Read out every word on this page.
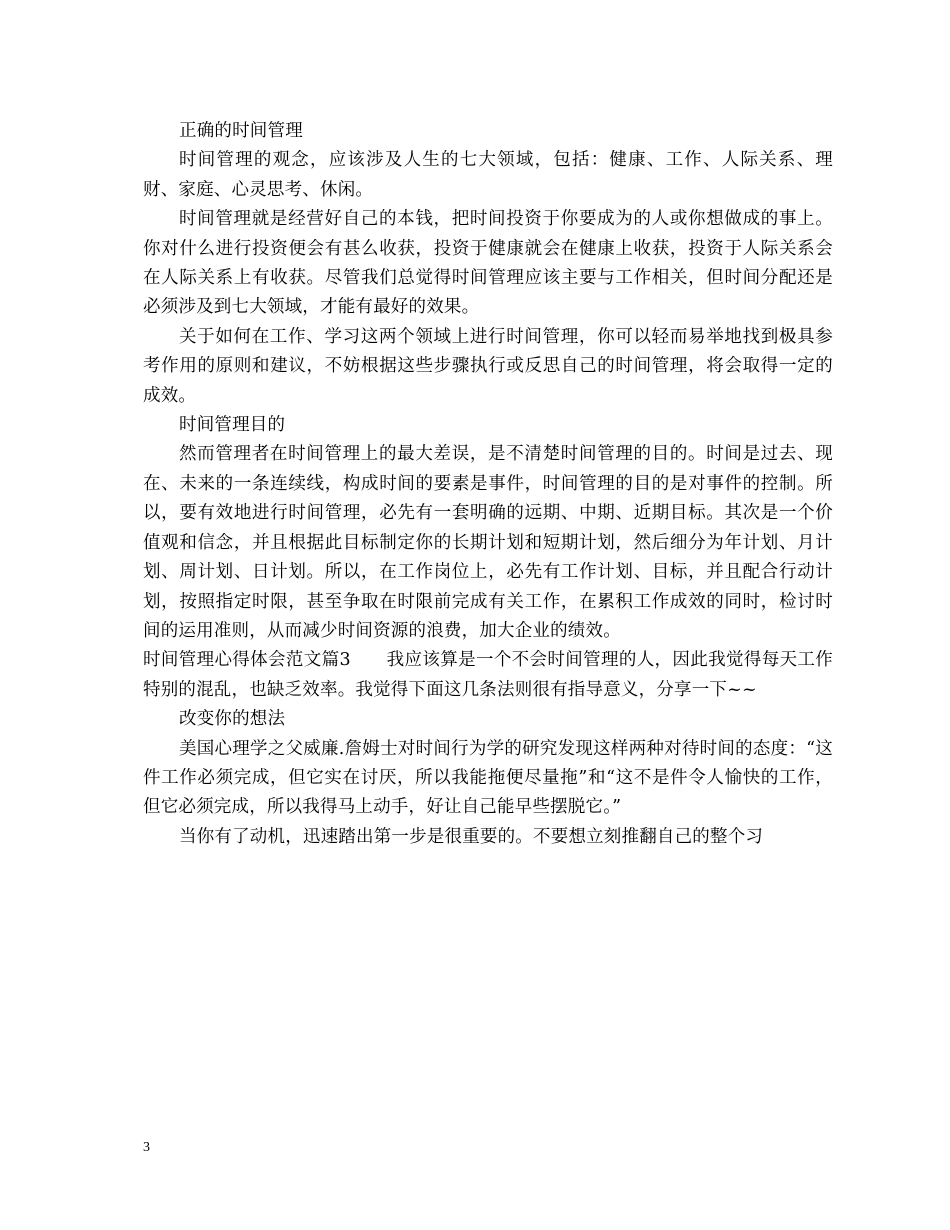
正确的时间管理

时间管理的观念，应该涉及人生的七大领域，包括：健康、工作、人际关系、理财、家庭、心灵思考、休闲。

时间管理就是经营好自己的本钱，把时间投资于你要成为的人或你想做成的事上。你对什么进行投资便会有甚么收获，投资于健康就会在健康上收获，投资于人际关系会在人际关系上有收获。尽管我们总觉得时间管理应该主要与工作相关，但时间分配还是必须涉及到七大领域，才能有最好的效果。

关于如何在工作、学习这两个领域上进行时间管理，你可以轻而易举地找到极具参考作用的原则和建议，不妨根据这些步骤执行或反思自己的时间管理，将会取得一定的成效。

时间管理目的

然而管理者在时间管理上的最大差误，是不清楚时间管理的目的。时间是过去、现在、未来的一条连续线，构成时间的要素是事件，时间管理的目的是对事件的控制。所以，要有效地进行时间管理，必先有一套明确的远期、中期、近期目标。其次是一个价值观和信念，并且根据此目标制定你的长期计划和短期计划，然后细分为年计划、月计划、周计划、日计划。所以，在工作岗位上，必先有工作计划、目标，并且配合行动计划，按照指定时限，甚至争取在时限前完成有关工作，在累积工作成效的同时，检讨时间的运用准则，从而减少时间资源的浪费，加大企业的绩效。

时间管理心得体会范文篇3　　我应该算是一个不会时间管理的人，因此我觉得每天工作特别的混乱，也缺乏效率。我觉得下面这几条法则很有指导意义，分享一下~~

改变你的想法

美国心理学之父威廉.詹姆士对时间行为学的研究发现这样两种对待时间的态度：“这件工作必须完成，但它实在讨厌，所以我能拖便尽量拖”和“这不是件令人愉快的工作，但它必须完成，所以我得马上动手，好让自己能早些摆脱它。”

当你有了动机，迅速踏出第一步是很重要的。不要想立刻推翻自己的整个习

3
